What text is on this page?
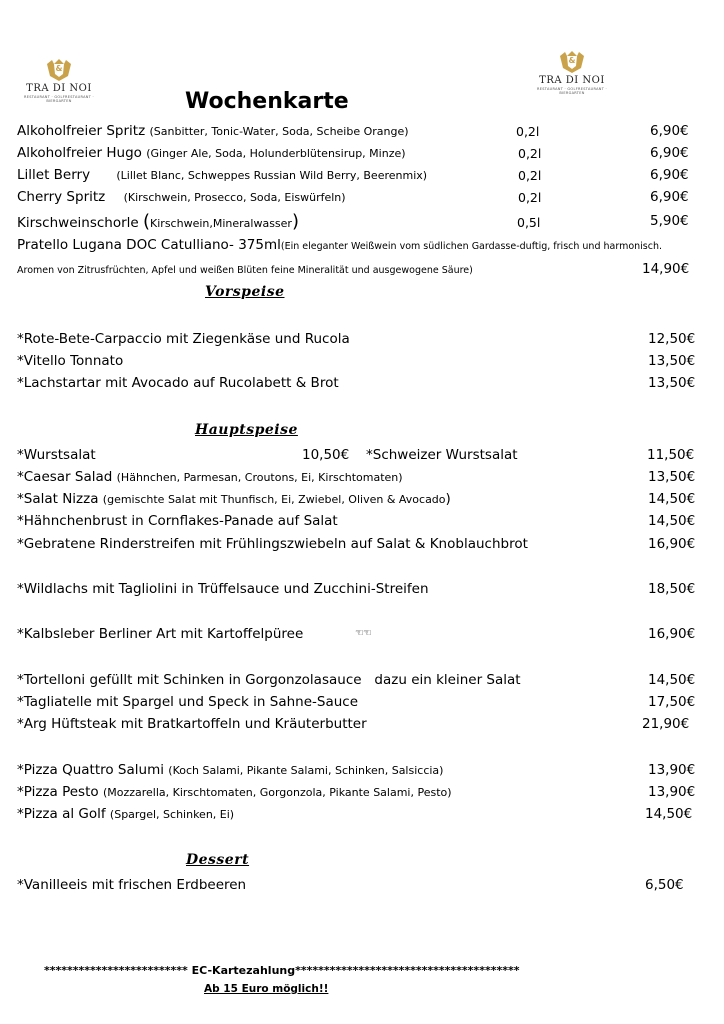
&
TRA DI NOI
RESTAURANT · GOLFRESTAURANT · BIERGARTEN
&
TRA DI NOI
RESTAURANT · GOLFRESTAURANT · BIERGARTEN
Wochenkarte
Alkoholfreier Spritz (Sanbitter, Tonic-Water, Soda, Scheibe Orange)	0,2l	6,90€
Alkoholfreier Hugo (Ginger Ale, Soda, Holunderblütensirup, Minze)	0,2l	6,90€
Lillet Berry (Lillet Blanc, Schweppes Russian Wild Berry, Beerenmix)	0,2l	6,90€
Cherry Spritz (Kirschwein, Prosecco, Soda, Eiswürfeln)	0,2l	6,90€
Kirschweinschorle (Kirschwein,Mineralwasser)	0,5l	5,90€
Pratello Lugana DOC Catulliano- 375ml(Ein eleganter Weißwein vom südlichen Gardasse-duftig, frisch und harmonisch.
Aromen von Zitrusfrüchten, Apfel und weißen Blüten feine Mineralität und ausgewogene Säure)	14,90€
Vorspeise
*Rote-Bete-Carpaccio mit Ziegenkäse und Rucola	12,50€
*Vitello Tonnato	13,50€
*Lachstartar mit Avocado auf Rucolabett & Brot	13,50€
Hauptspeise
*Wurstsalat	10,50€ *Schweizer Wurstsalat	11,50€
*Caesar Salad (Hähnchen, Parmesan, Croutons, Ei, Kirschtomaten)	13,50€
*Salat Nizza (gemischte Salat mit Thunfisch, Ei, Zwiebel, Oliven & Avocado)	14,50€
*Hähnchenbrust in Cornflakes-Panade auf Salat	14,50€
*Gebratene Rinderstreifen mit Frühlingszwiebeln auf Salat & Knoblauchbrot	16,90€
*Wildlachs mit Tagliolini in Trüffelsauce und Zucchini-Streifen	18,50€
*Kalbsleber Berliner Art mit Kartoffelpüree	☜☜	16,90€
*Tortelloni gefüllt mit Schinken in Gorgonzolasauce   dazu ein kleiner Salat	14,50€
*Tagliatelle mit Spargel und Speck in Sahne-Sauce	17,50€
*Arg Hüftsteak mit Bratkartoffeln und Kräuterbutter	21,90€
*Pizza Quattro Salumi (Koch Salami, Pikante Salami, Schinken, Salsiccia)	13,90€
*Pizza Pesto (Mozzarella, Kirschtomaten, Gorgonzola, Pikante Salami, Pesto)	13,90€
*Pizza al Golf (Spargel, Schinken, Ei)	14,50€
Dessert
*Vanilleeis mit frischen Erdbeeren	6,50€
************************* EC-Kartezahlung***************************************
Ab 15 Euro möglich!!
